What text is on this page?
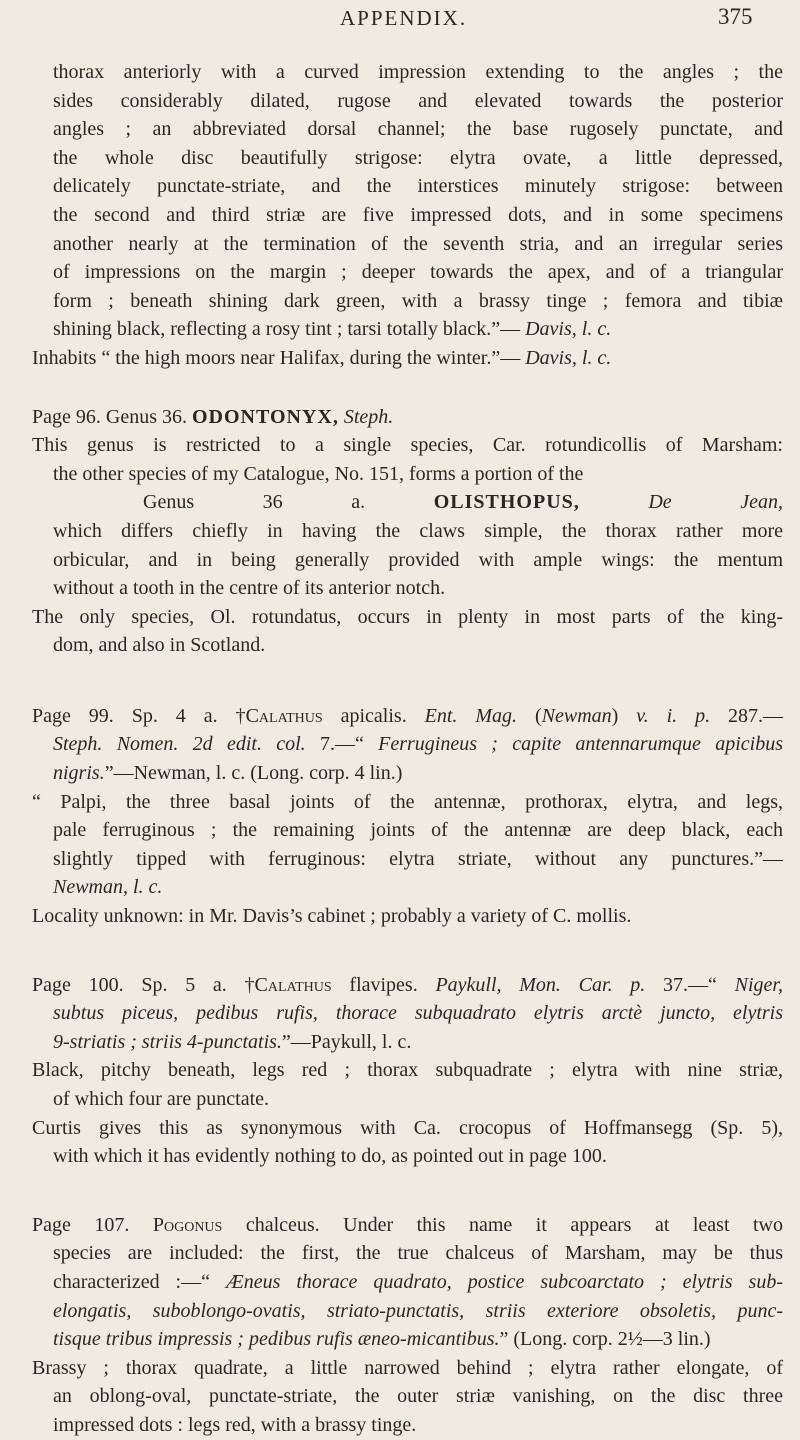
APPENDIX.	375
thorax anteriorly with a curved impression extending to the angles ; the
sides considerably dilated, rugose and elevated towards the posterior
angles ; an abbreviated dorsal channel; the base rugosely punctate, and
the whole disc beautifully strigose: elytra ovate, a little depressed,
delicately punctate-striate, and the interstices minutely strigose: between
the second and third striæ are five impressed dots, and in some specimens
another nearly at the termination of the seventh stria, and an irregular series
of impressions on the margin ; deeper towards the apex, and of a triangular
form ; beneath shining dark green, with a brassy tinge ; femora and tibiæ
shining black, reflecting a rosy tint ; tarsi totally black.”— Davis, l. c.
Inhabits “ the high moors near Halifax, during the winter.”— Davis, l. c.
Page 96. Genus 36. ODONTONYX, Steph.
This genus is restricted to a single species, Car. rotundicollis of Marsham:
the other species of my Catalogue, No. 151, forms a portion of the
Genus 36 a. OLISTHOPUS,	De Jean,
which differs chiefly in having the claws simple, the thorax rather more
orbicular, and in being generally provided with ample wings: the mentum
without a tooth in the centre of its anterior notch.
The only species, Ol. rotundatus, occurs in plenty in most parts of the king-
dom, and also in Scotland.
Page 99. Sp. 4 a. †Calathus apicalis. Ent. Mag. (Newman) v. i. p. 287.—
Steph. Nomen. 2d edit. col. 7.—“ Ferrugineus ; capite antennarumque apicibus
nigris.”—Newman, l. c. (Long. corp. 4 lin.)
“ Palpi, the three basal joints of the antennæ, prothorax, elytra, and legs,
pale ferruginous ; the remaining joints of the antennæ are deep black, each
slightly tipped with ferruginous: elytra striate, without any punctures.”—
Newman, l. c.
Locality unknown: in Mr. Davis’s cabinet ; probably a variety of C. mollis.
Page 100. Sp. 5 a. †Calathus flavipes. Paykull, Mon. Car. p. 37.—“ Niger,
subtus piceus, pedibus rufis, thorace subquadrato elytris arctè juncto, elytris
9-striatis ; striis 4-punctatis.”—Paykull, l. c.
Black, pitchy beneath, legs red ; thorax subquadrate ; elytra with nine striæ,
of which four are punctate.
Curtis gives this as synonymous with Ca. crocopus of Hoffmansegg (Sp. 5),
with which it has evidently nothing to do, as pointed out in page 100.
Page 107. Pogonus chalceus. Under this name it appears at least two
species are included: the first, the true chalceus of Marsham, may be thus
characterized :—“ Æneus thorace quadrato, postice subcoarctato ; elytris sub-
elongatis, suboblongo-ovatis, striato-punctatis, striis exteriore obsoletis, punc-
tisque tribus impressis ; pedibus rufis æneo-micantibus.” (Long. corp. 2½—3 lin.)
Brassy ; thorax quadrate, a little narrowed behind ; elytra rather elongate, of
an oblong-oval, punctate-striate, the outer striæ vanishing, on the disc three
impressed dots : legs red, with a brassy tinge.
